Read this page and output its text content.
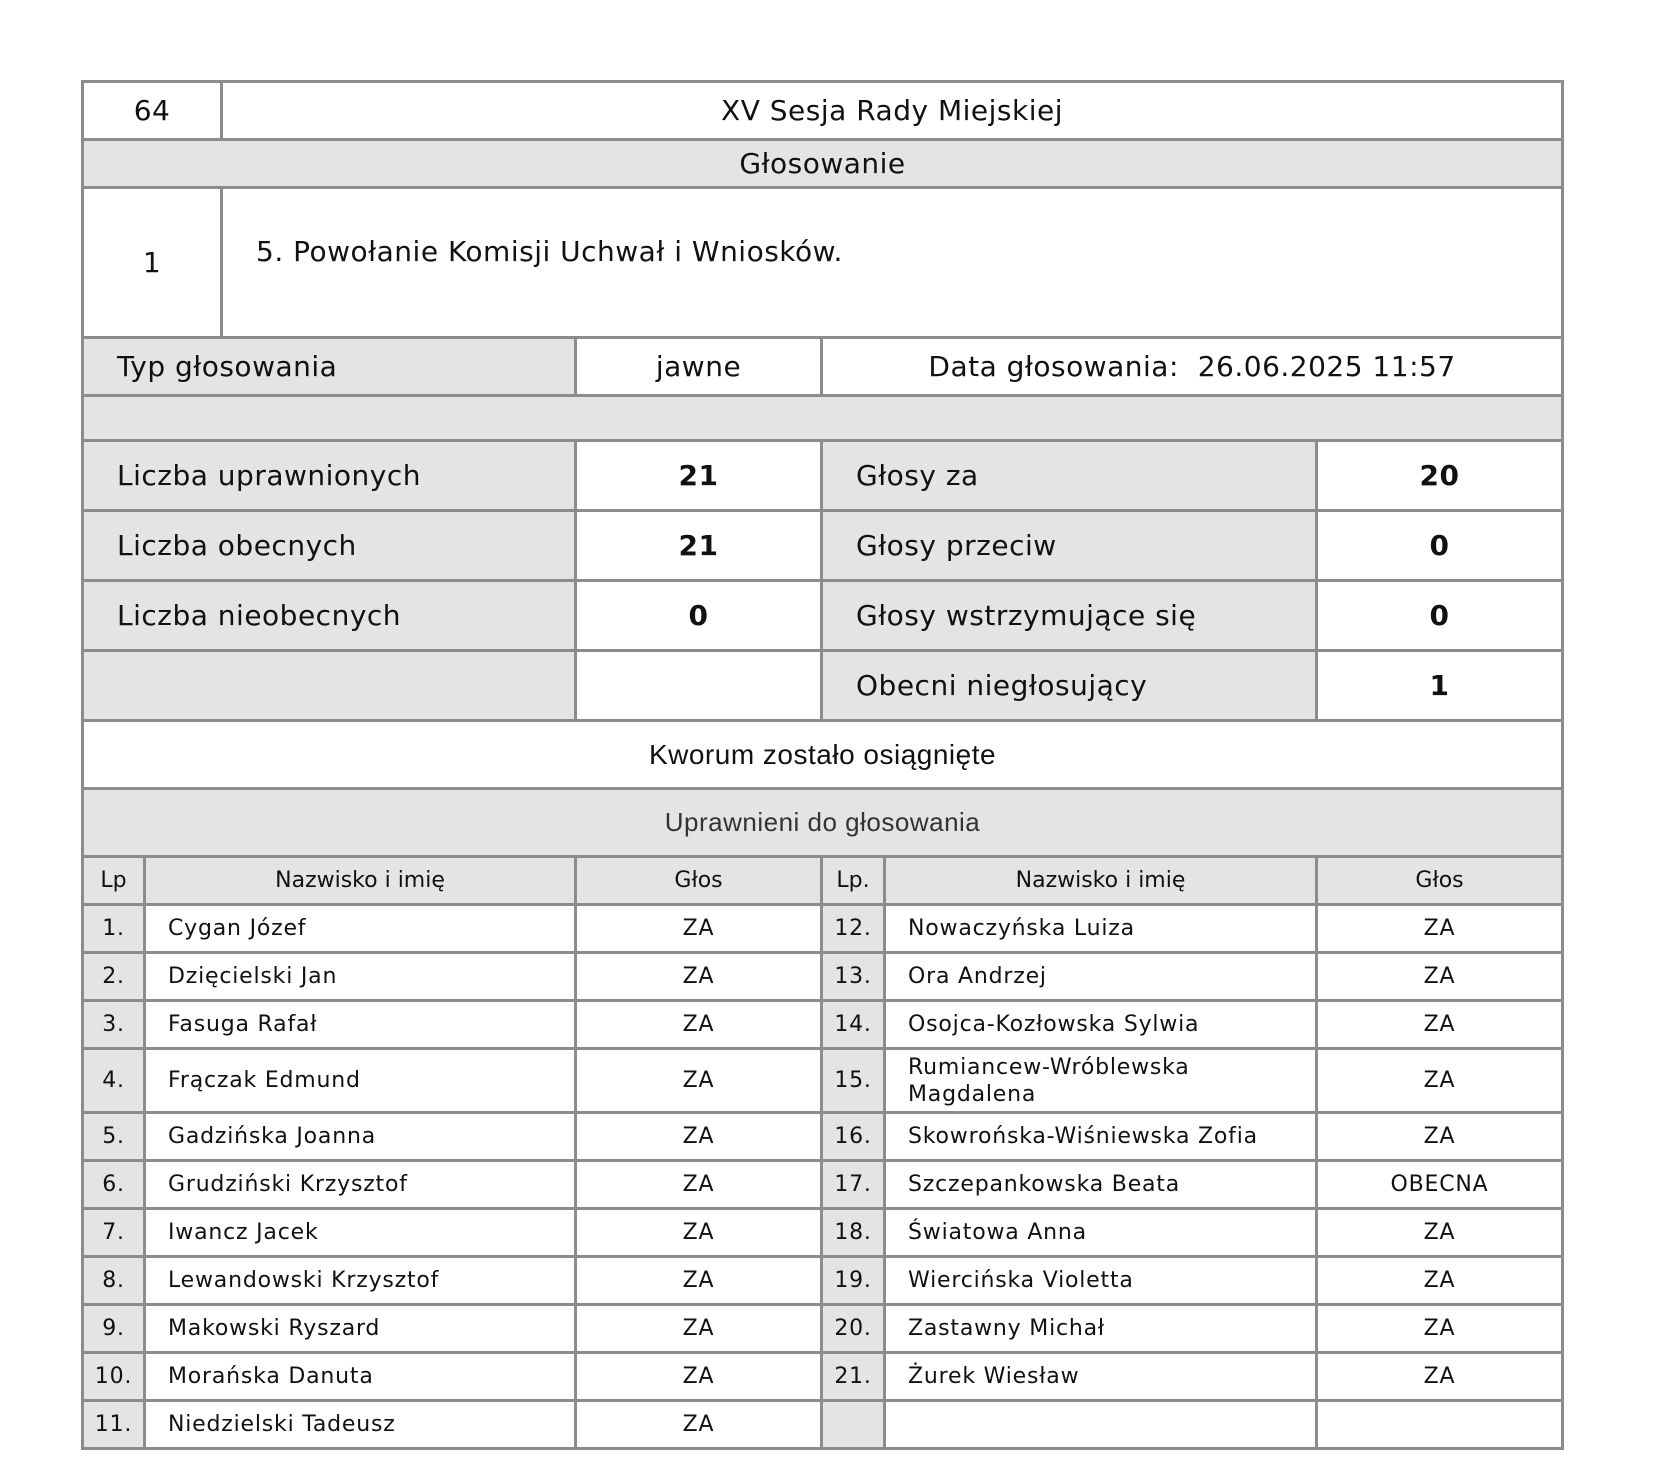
64		XV Sesja Rady Miejskiej				
Głosowanie						
1		5. Powołanie Komisji Uchwał i Wniosków.				
Typ głosowania			jawne	Data głosowania: 26.06.2025 11:57		

Liczba uprawnionych			21	Głosy za		20
Liczba obecnych			21	Głosy przeciw		0
Liczba nieobecnych			0	Głosy wstrzymujące się		0
				Obecni niegłosujący		1
Kworum zostało osiągnięte						
Uprawnieni do głosowania						
Lp	Nazwisko i imię		Głos	Lp.	Nazwisko i imię	Głos
1.	Cygan Józef		ZA	12.	Nowaczyńska Luiza	ZA
2.	Dzięcielski Jan		ZA	13.	Ora Andrzej	ZA
3.	Fasuga Rafał		ZA	14.	Osojca-Kozłowska Sylwia	ZA
4.	Frączak Edmund		ZA	15.	Rumiancew-Wróblewska Magdalena	ZA
5.	Gadzińska Joanna		ZA	16.	Skowrońska-Wiśniewska Zofia	ZA
6.	Grudziński Krzysztof		ZA	17.	Szczepankowska Beata	OBECNA
7.	Iwancz Jacek		ZA	18.	Światowa Anna	ZA
8.	Lewandowski Krzysztof		ZA	19.	Wiercińska Violetta	ZA
9.	Makowski Ryszard		ZA	20.	Zastawny Michał	ZA
10.	Morańska Danuta		ZA	21.	Żurek Wiesław	ZA
11.	Niedzielski Tadeusz		ZA			
